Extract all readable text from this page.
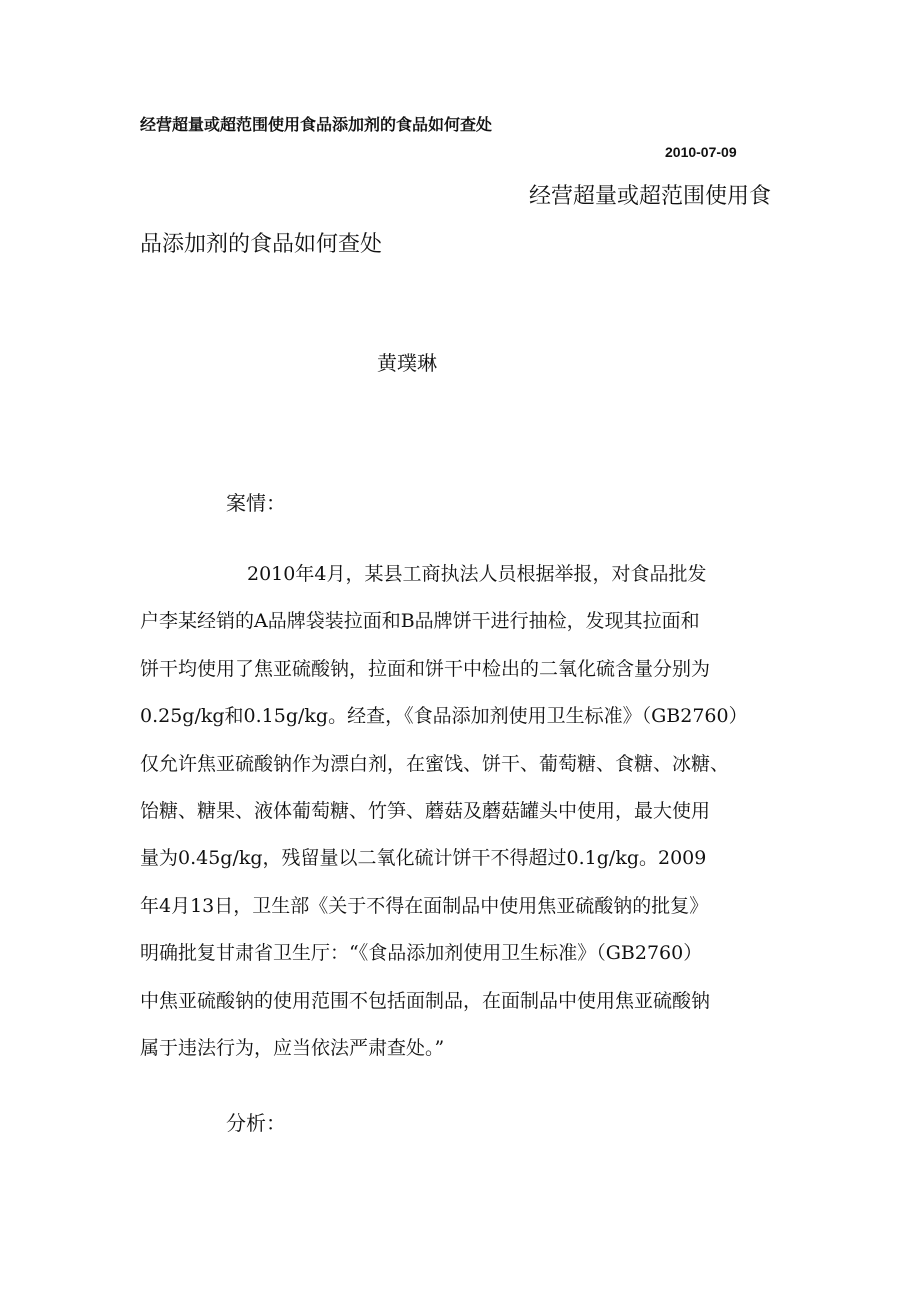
经营超量或超范围使用食品添加剂的食品如何查处

2010-07-09

经营超量或超范围使用食

品添加剂的食品如何查处

黄璞琳

案情：

2010年4月，某县工商执法人员根据举报，对食品批发
户李某经销的A品牌袋装拉面和B品牌饼干进行抽检，发现其拉面和
饼干均使用了焦亚硫酸钠，拉面和饼干中检出的二氧化硫含量分别为
0.25g/kg和0.15g/kg。经查，《食品添加剂使用卫生标准》（GB2760）
仅允许焦亚硫酸钠作为漂白剂，在蜜饯、饼干、葡萄糖、食糖、冰糖、
饴糖、糖果、液体葡萄糖、竹笋、蘑菇及蘑菇罐头中使用，最大使用
量为0.45g/kg，残留量以二氧化硫计饼干不得超过0.1g/kg。2009
年4月13日，卫生部《关于不得在面制品中使用焦亚硫酸钠的批复》
明确批复甘肃省卫生厅：“《食品添加剂使用卫生标准》（GB2760）
中焦亚硫酸钠的使用范围不包括面制品，在面制品中使用焦亚硫酸钠
属于违法行为，应当依法严肃查处。”

分析：
